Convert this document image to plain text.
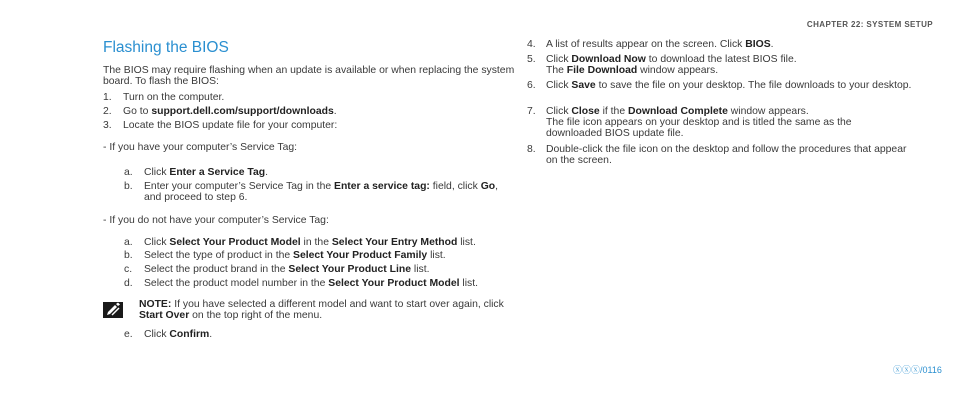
CHAPTER 22: SYSTEM SETUP
Flashing the BIOS
The BIOS may require flashing when an update is available or when replacing the system board. To flash the BIOS:
1. Turn on the computer.
2. Go to support.dell.com/support/downloads.
3. Locate the BIOS update file for your computer:
- If you have your computer’s Service Tag:
a. Click Enter a Service Tag.
b. Enter your computer’s Service Tag in the Enter a service tag: field, click Go, and proceed to step 6.
- If you do not have your computer’s Service Tag:
a. Click Select Your Product Model in the Select Your Entry Method list.
b. Select the type of product in the Select Your Product Family list.
c. Select the product brand in the Select Your Product Line list.
d. Select the product model number in the Select Your Product Model list.
NOTE: If you have selected a different model and want to start over again, click Start Over on the top right of the menu.
e. Click Confirm.
4. A list of results appear on the screen. Click BIOS.
5. Click Download Now to download the latest BIOS file.
The File Download window appears.
6. Click Save to save the file on your desktop. The file downloads to your desktop.
7. Click Close if the Download Complete window appears.
The file icon appears on your desktop and is titled the same as the downloaded BIOS update file.
8. Double-click the file icon on the desktop and follow the procedures that appear on the screen.
ⓧⓧⓧ/0116
